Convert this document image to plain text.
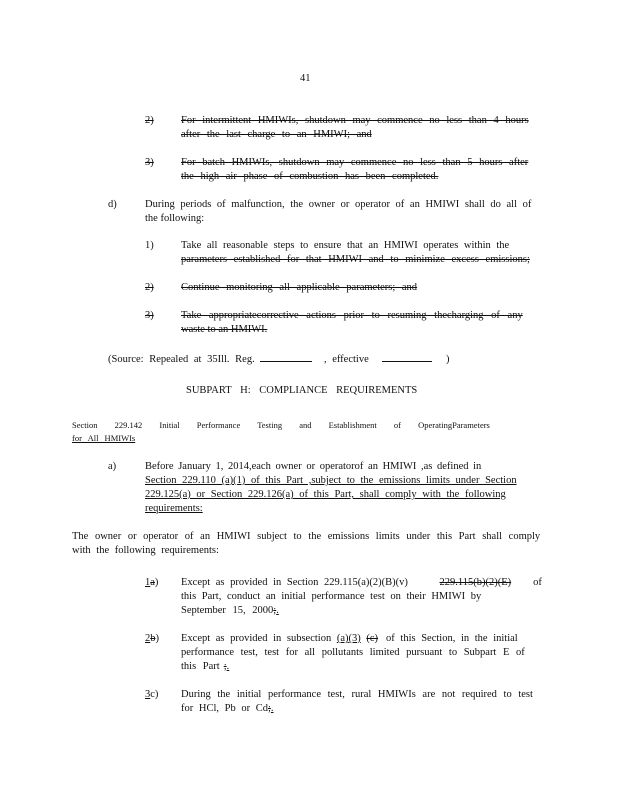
41
2)	For intermittent HMIWIs, shutdown may commence no less than 4 hours
after the last charge to an HMIWI; and
3)	For batch HMIWIs, shutdown may commence no less than 5 hours after
the high air phase of combustion has been completed.
d)	During periods of malfunction, the owner or operator of an HMIWI shall do all of
the following:
1)	Take all reasonable steps to ensure that an HMIWI operates within the
parameters established for that HMIWI and to minimize excess emissions;
2)	Continue monitoring all applicable parameters; and
3)	Take appropriatecorrective actions prior to resuming thecharging of any
waste to an HMIWI.
(Source: Repealed at 35Ill. Reg.	, effective	)
SUBPART H: COMPLIANCE REQUIREMENTS
Section 229.142 Initial Performance Testing and Establishment of OperatingParameters
for All HMIWIs
a)	Before January 1, 2014,each owner or operatorof an HMIWI ,as defined in
Section 229.110 (a)(1) of this Part ,subject to the emissions limits under Section
229.125(a) or Section 229.126(a) of this Part, shall comply with the following
requirements:
The owner or operator of an HMIWI subject to the emissions limits under this Part shall comply
with the following requirements:
1a) Except as provided in Section 229.115(a)(2)(B)(v)	229.115(b)(2)(E) of
this Part, conduct an initial performance test on their HMIWI by
September 15, 2000;.
2b) Except as provided in subsection (a)(3) (c) of this Section, in the initial
performance test, test for all pollutants limited pursuant to Subpart E of
this Part ;.
3c) During the initial performance test, rural HMIWIs are not required to test
for HCl, Pb or Cd;.
